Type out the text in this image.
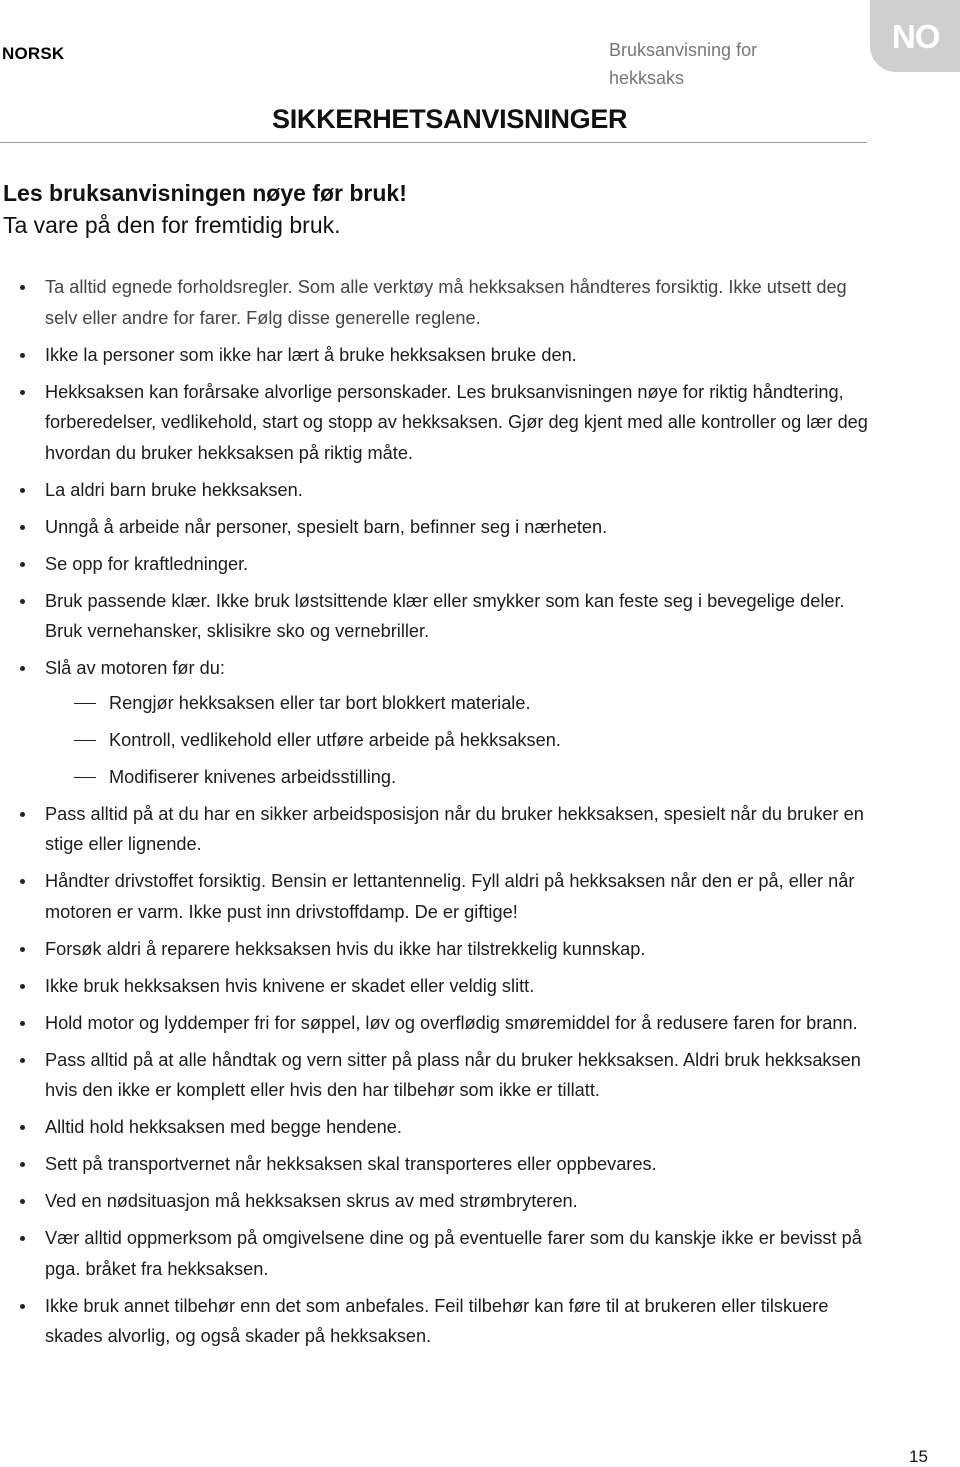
NORSK	Bruksanvisning for hekksaks
NO
SIKKERHETSANVISNINGER
Les bruksanvisningen nøye før bruk!
Ta vare på den for fremtidig bruk.
Ta alltid egnede forholdsregler. Som alle verktøy må hekksaksen håndteres forsiktig. Ikke utsett deg selv eller andre for farer. Følg disse generelle reglene.
Ikke la personer som ikke har lært å bruke hekksaksen bruke den.
Hekksaksen kan forårsake alvorlige personskader. Les bruksanvisningen nøye for riktig håndtering, forberedelser, vedlikehold, start og stopp av hekksaksen. Gjør deg kjent med alle kontroller og lær deg hvordan du bruker hekksaksen på riktig måte.
La aldri barn bruke hekksaksen.
Unngå å arbeide når personer, spesielt barn, befinner seg i nærheten.
Se opp for kraftledninger.
Bruk passende klær. Ikke bruk løstsittende klær eller smykker som kan feste seg i bevegelige deler. Bruk vernehansker, sklisikre sko og vernebriller.
Slå av motoren før du:
Rengjør hekksaksen eller tar bort blokkert materiale.
Kontroll, vedlikehold eller utføre arbeide på hekksaksen.
Modifiserer knivenes arbeidsstilling.
Pass alltid på at du har en sikker arbeidsposisjon når du bruker hekksaksen, spesielt når du bruker en stige eller lignende.
Håndter drivstoffet forsiktig. Bensin er lettantennelig. Fyll aldri på hekksaksen når den er på, eller når motoren er varm. Ikke pust inn drivstoffdamp. De er giftige!
Forsøk aldri å reparere hekksaksen hvis du ikke har tilstrekkelig kunnskap.
Ikke bruk hekksaksen hvis knivene er skadet eller veldig slitt.
Hold motor og lyddemper fri for søppel, løv og overflødig smøremiddel for å redusere faren for brann.
Pass alltid på at alle håndtak og vern sitter på plass når du bruker hekksaksen. Aldri bruk hekksaksen hvis den ikke er komplett eller hvis den har tilbehør som ikke er tillatt.
Alltid hold hekksaksen med begge hendene.
Sett på transportvernet når hekksaksen skal transporteres eller oppbevares.
Ved en nødsituasjon må hekksaksen skrus av med strømbryteren.
Vær alltid oppmerksom på omgivelsene dine og på eventuelle farer som du kanskje ikke er bevisst på pga. bråket fra hekksaksen.
Ikke bruk annet tilbehør enn det som anbefales. Feil tilbehør kan føre til at brukeren eller tilskuere skades alvorlig, og også skader på hekksaksen.
15
